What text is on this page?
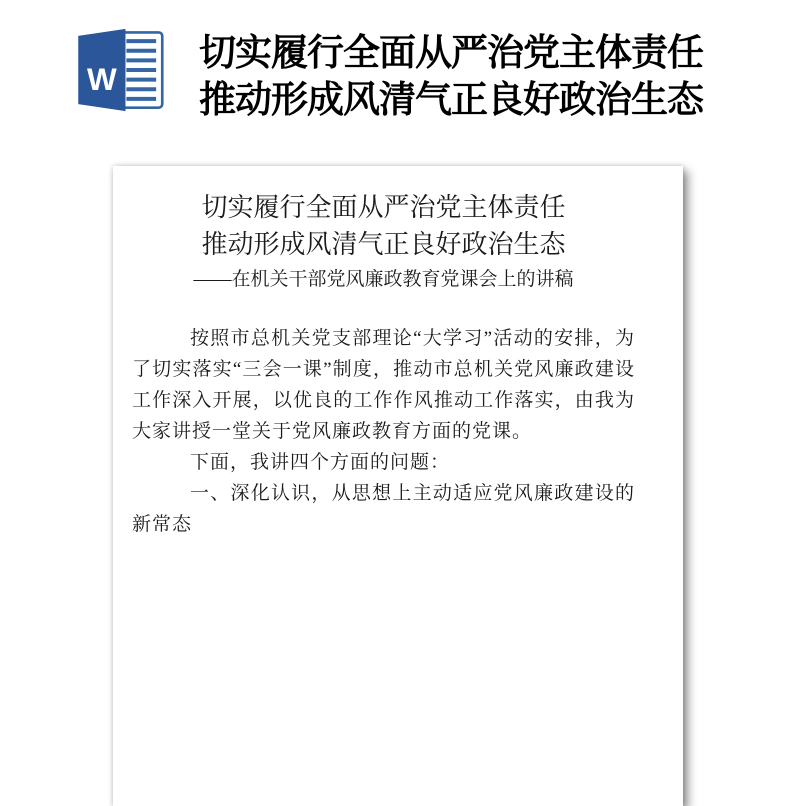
W
切实履行全面从严治党主体责任
推动形成风清气正良好政治生态
切实履行全面从严治党主体责任
推动形成风清气正良好政治生态
——在机关干部党风廉政教育党课会上的讲稿

按照市总机关党支部理论“大学习”活动的安排，为了切实落实“三会一课”制度，推动市总机关党风廉政建设工作深入开展，以优良的工作作风推动工作落实，由我为大家讲授一堂关于党风廉政教育方面的党课。

下面，我讲四个方面的问题：

一、深化认识，从思想上主动适应党风廉政建设的新常态
